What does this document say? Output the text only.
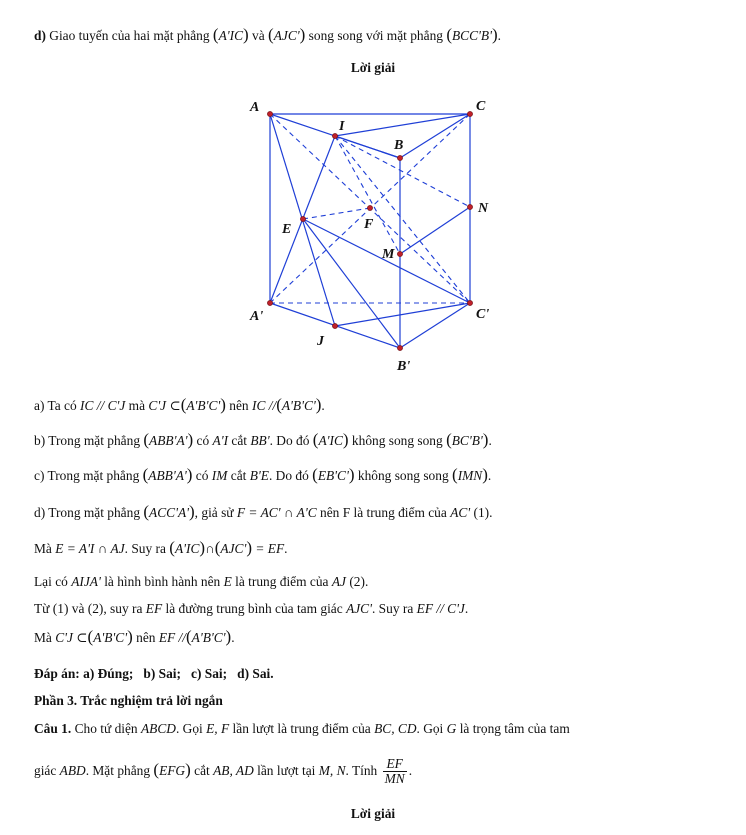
d) Giao tuyến của hai mặt phẳng (A'IC) và (AJC') song song với mặt phẳng (BCC'B').
Lời giải
A	C
I
B
N
E	F
M
A'	C'
J
B'
a) Ta có IC // C'J mà C'J ⊂(A'B'C') nên IC //(A'B'C').
b) Trong mặt phẳng (ABB'A') có A'I cắt BB'. Do đó (A'IC) không song song (BC'B').
c) Trong mặt phẳng (ABB'A') có IM cắt B'E. Do đó (EB'C') không song song (IMN).
d) Trong mặt phẳng (ACC'A'), giả sử F = AC' ∩ A'C nên F là trung điểm của AC' (1).
Mà E = A'I ∩ AJ. Suy ra (A'IC)∩(AJC') = EF.
Lại có AIJA' là hình bình hành nên E là trung điểm của AJ (2).
Từ (1) và (2), suy ra EF là đường trung bình của tam giác AJC'. Suy ra EF // C'J.
Mà C'J ⊂(A'B'C') nên EF //(A'B'C').
Đáp án: a) Đúng; b) Sai; c) Sai; d) Sai.
Phần 3. Trắc nghiệm trả lời ngắn
Câu 1. Cho tứ diện ABCD. Gọi E, F lần lượt là trung điểm của BC, CD. Gọi G là trọng tâm của tam
giác ABD. Mặt phẳng (EFG) cắt AB, AD lần lượt tại M, N. Tính $\frac{EF}{MN}$ .
Lời giải
